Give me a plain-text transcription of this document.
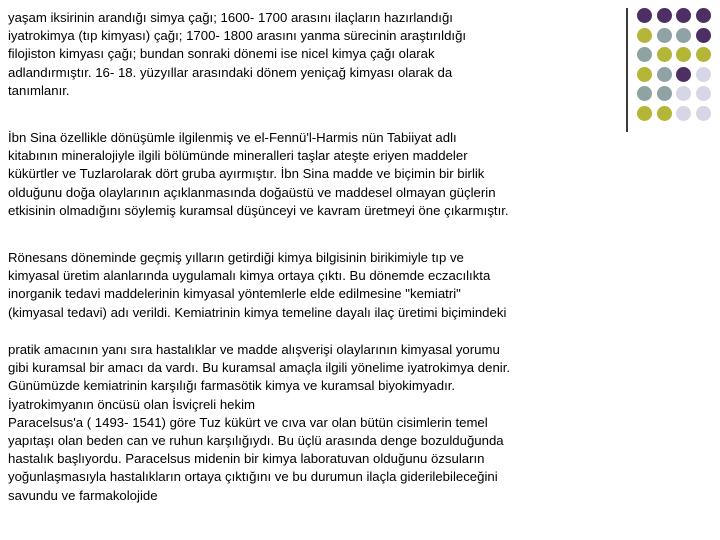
yaşam iksirinin arandığı simya çağı; 1600- 1700 arasını ilaçların hazırlandığı
iyatrokimya (tıp kimyası) çağı; 1700- 1800 arasını yanma sürecinin araştırıldığı
filojiston kimyası çağı; bundan sonraki dönemi ise nicel kimya çağı olarak
adlandırmıştır. 16- 18. yüzyıllar arasındaki dönem yeniçağ kimyası olarak da
tanımlanır.

İbn Sina özellikle dönüşümle ilgilenmiş ve el-Fennü'l-Harmis nün Tabiiyat adlı
kitabının mineralojiyle ilgili bölümünde mineralleri taşlar ateşte eriyen maddeler
kükürtler ve Tuzlarolarak dört gruba ayırmıştır. İbn Sina madde ve biçimin bir birlik
olduğunu doğa olaylarının açıklanmasında doğaüstü ve maddesel olmayan güçlerin
etkisinin olmadığını söylemiş kuramsal düşünceyi ve kavram üretmeyi öne çıkarmıştır.

Rönesans döneminde geçmiş yılların getirdiği kimya bilgisinin birikimiyle tıp ve
kimyasal üretim alanlarında uygulamalı kimya ortaya çıktı. Bu dönemde eczacılıkta
inorganik tedavi maddelerinin kimyasal yöntemlerle elde edilmesine "kemiatri"
(kimyasal tedavi) adı verildi. Kemiatrinin kimya temeline dayalı ilaç üretimi biçimindeki

pratik amacının yanı sıra hastalıklar ve madde alışverişi olaylarının kimyasal yorumu
gibi kuramsal bir amacı da vardı. Bu kuramsal amaçla ilgili yönelime iyatrokimya denir.
Günümüzde kemiatrinin karşılığı farmasötik kimya ve kuramsal biyokimyadır.
İyatrokimyanın öncüsü olan İsviçreli hekim
Paracelsus'a ( 1493- 1541) göre Tuz kükürt ve cıva var olan bütün cisimlerin temel
yapıtaşı olan beden can ve ruhun karşılığıydı. Bu üçlü arasında denge bozulduğunda
hastalık başlıyordu. Paracelsus midenin bir kimya laboratuvan olduğunu özsuların
yoğunlaşmasıyla hastalıkların ortaya çıktığını ve bu durumun ilaçla giderilebileceğini
savundu ve farmakolojide
